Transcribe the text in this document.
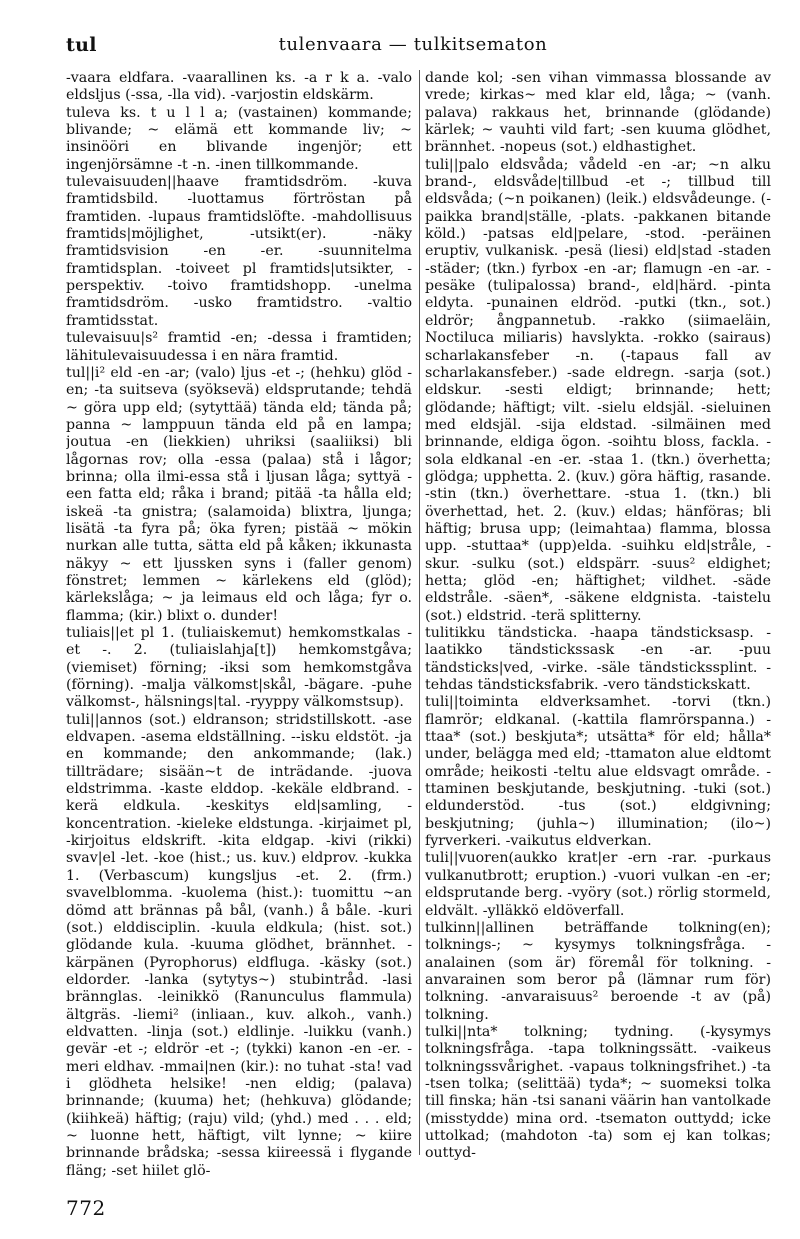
tul	tulenvaara — tulkitsematon

-vaara eldfara. -vaarallinen ks. -a r k a. -valo eldsljus (-ssa, -lla vid). -varjostin eldskärm.

tuleva ks. t u l l a; (vastainen) kommande; blivande; ~ elämä ett kommande liv; ~ insinööri en blivande ingenjör; ett ingenjörsämne -t -n. -inen tillkommande.

tulevaisuuden||haave framtidsdröm. -kuva framtidsbild. -luottamus förtröstan på framtiden. -lupaus framtidslöfte. -mahdollisuus framtids|möjlighet, -utsikt(er). -näky framtidsvision -en -er. -suunnitelma framtidsplan. -toiveet pl framtids|utsikter, -perspektiv. -toivo framtidshopp. -unelma framtidsdröm. -usko framtidstro. -valtio framtidsstat.

tulevaisuu|s² framtid -en; -dessa i framtiden; lähitulevaisuudessa i en nära framtid.

tul||i² eld -en -ar; (valo) ljus -et -; (hehku) glöd -en; -ta suitseva (syöksevä) eldsprutande; tehdä ~ göra upp eld; (sytyttää) tända eld; tända på; panna ~ lamppuun tända eld på en lampa; joutua -en (liekkien) uhriksi (saaliiksi) bli lågornas rov; olla -essa (palaa) stå i lågor; brinna; olla ilmi-essa stå i ljusan låga; syttyä -een fatta eld; råka i brand; pitää -ta hålla eld; iskeä -ta gnistra; (salamoida) blixtra, ljunga; lisätä -ta fyra på; öka fyren; pistää ~ mökin nurkan alle tutta, sätta eld på kåken; ikkunasta näkyy ~ ett ljussken syns i (faller genom) fönstret; lemmen ~ kärlekens eld (glöd); kärlekslåga; ~ ja leimaus eld och låga; fyr o. flamma; (kir.) blixt o. dunder!

tuliais||et pl 1. (tuliaiskemut) hemkomstkalas -et -. 2. (tuliaislahja[t]) hemkomstgåva; (viemiset) förning; -iksi som hemkomstgåva (förning). -malja välkomst|skål, -bägare. -puhe välkomst-, hälsnings|tal. -ryyppy välkomstsup).

tuli||annos (sot.) eldranson; stridstillskott. -ase eldvapen. -asema eldställning. --isku eldstöt. -ja en kommande; den ankommande; (lak.) tillträdare; sisään~t de inträdande. -juova eldstrimma. -kaste elddop. -kekäle eldbrand. -kerä eldkula. -keskitys eld|samling, -koncentration. -kieleke eldstunga. -kirjaimet pl, -kirjoitus eldskrift. -kita eldgap. -kivi (rikki) svav|el -let. -koe (hist.; us. kuv.) eldprov. -kukka 1. (Verbascum) kungsljus -et. 2. (frm.) svavelblomma. -kuolema (hist.): tuomittu ~an dömd att brännas på bål, (vanh.) å båle. -kuri (sot.) elddisciplin. -kuula eldkula; (hist. sot.) glödande kula. -kuuma glödhet, brännhet. -kärpänen (Pyrophorus) eldfluga. -käsky (sot.) eldorder. -lanka (sytytys~) stubintråd. -lasi brännglas. -leinikkö (Ranunculus flammula) ältgräs. -liemi² (inliaan., kuv. alkoh., vanh.) eldvatten. -linja (sot.) eldlinje. -luikku (vanh.) gevär -et -; eldrör -et -; (tykki) kanon -en -er. -meri eldhav. -mmai|nen (kir.): no tuhat -sta! vad i glödheta helsike! -nen eldig; (palava) brinnande; (kuuma) het; (hehkuva) glödande; (kiihkeä) häftig; (raju) vild; (yhd.) med . . . eld; ~ luonne hett, häftigt, vilt lynne; ~ kiire brinnande brådska; -sessa kiireessä i flygande fläng; -set hiilet glö-

dande kol; -sen vihan vimmassa blossande av vrede; kirkas~ med klar eld, låga; ~ (vanh. palava) rakkaus het, brinnande (glödande) kärlek; ~ vauhti vild fart; -sen kuuma glödhet, brännhet. -nopeus (sot.) eldhastighet.

tuli||palo eldsvåda; vådeld -en -ar; ~n alku brand-, eldsvåde|tillbud -et -; tillbud till eldsvåda; (~n poikanen) (leik.) eldsvådeunge. (-paikka brand|ställe, -plats. -pakkanen bitande köld.) -patsas eld|pelare, -stod. -peräinen eruptiv, vulkanisk. -pesä (liesi) eld|stad -staden -städer; (tkn.) fyrbox -en -ar; flamugn -en -ar. -pesäke (tulipalossa) brand-, eld|härd. -pinta eldyta. -punainen eldröd. -putki (tkn., sot.) eldrör; ångpannetub. -rakko (siimaeläin, Noctiluca miliaris) havslykta. -rokko (sairaus) scharlakansfeber -n. (-tapaus fall av scharlakansfeber.) -sade eldregn. -sarja (sot.) eldskur. -sesti eldigt; brinnande; hett; glödande; häftigt; vilt. -sielu eldsjäl. -sieluinen med eldsjäl. -sija eldstad. -silmäinen med brinnande, eldiga ögon. -soihtu bloss, fackla. -sola eldkanal -en -er. -staa 1. (tkn.) överhetta; glödga; upphetta. 2. (kuv.) göra häftig, rasande. -stin (tkn.) överhettare. -stua 1. (tkn.) bli överhettad, het. 2. (kuv.) eldas; hänföras; bli häftig; brusa upp; (leimahtaa) flamma, blossa upp. -stuttaa* (upp)elda. -suihku eld|stråle, -skur. -sulku (sot.) eldspärr. -suus² eldighet; hetta; glöd -en; häftighet; vildhet. -säde eldstråle. -säen*, -säkene eldgnista. -taistelu (sot.) eldstrid. -terä splitterny.

tulitikku tändsticka. -haapa tändsticksasp. -laatikko tändstickssask -en -ar. -puu tändsticks|ved, -virke. -säle tändstickssplint. -tehdas tändsticksfabrik. -vero tändstickskatt.

tuli||toiminta eldverksamhet. -torvi (tkn.) flamrör; eldkanal. (-kattila flamrörspanna.) -ttaa* (sot.) beskjuta*; utsätta* för eld; hålla* under, belägga med eld; -ttamaton alue eldtomt område; heikosti -teltu alue eldsvagt område. -ttaminen beskjutande, beskjutning. -tuki (sot.) eldunderstöd. -tus (sot.) eldgivning; beskjutning; (juhla~) illumination; (ilo~) fyrverkeri. -vaikutus eldverkan.

tuli||vuoren(aukko krat|er -ern -rar. -purkaus vulkanutbrott; eruption.) -vuori vulkan -en -er; eldsprutande berg. -vyöry (sot.) rörlig stormeld, eldvält. -ylläkkö eldöverfall.

tulkinn||allinen beträffande tolkning(en); tolknings-; ~ kysymys tolkningsfråga. -analainen (som är) föremål för tolkning. -anvarainen som beror på (lämnar rum för) tolkning. -anvaraisuus² beroende -t av (på) tolkning.

tulki||nta* tolkning; tydning. (-kysymys tolkningsfråga. -tapa tolkningssätt. -vaikeus tolkningssvårighet. -vapaus tolkningsfrihet.) -ta -tsen tolka; (selittää) tyda*; ~ suomeksi tolka till finska; hän -tsi sanani väärin han vantolkade (misstydde) mina ord. -tsematon outtydd; icke uttolkad; (mahdoton -ta) som ej kan tolkas; outtyd-

772
